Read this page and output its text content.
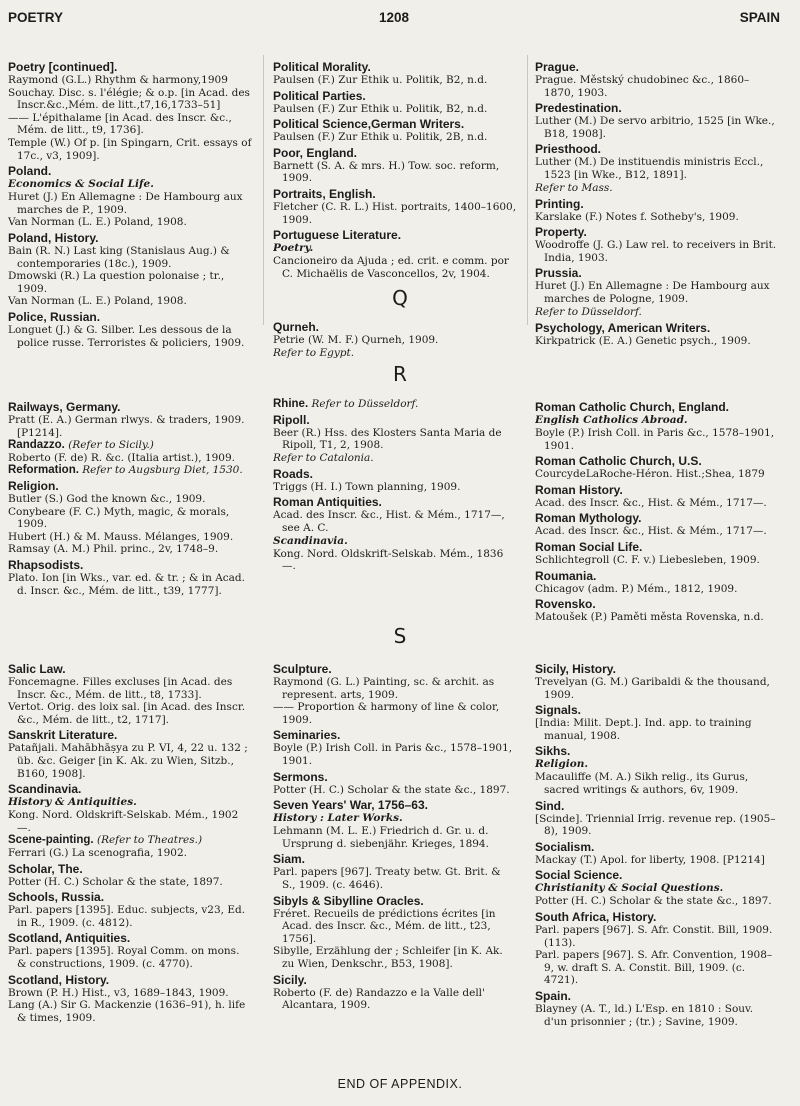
1208
POETRY	SPAIN
Poetry [continued].
Raymond (G.L.) Rhythm & harmony,1909
Souchay. Disc. s. l'élégie; & o.p. [in Acad. des Inscr.&c.,Mém. de litt.,t7,16,1733–51]
—— L'épithalame [in Acad. des Inscr. &c., Mém. de litt., t9, 1736].
Temple (W.) Of p. [in Spingarn, Crit. essays of 17c., v3, 1909].
Poland.
Economics & Social Life.
Huret (J.) En Allemagne : De Hambourg aux marches de P., 1909.
Van Norman (L. E.) Poland, 1908.
Poland, History.
Bain (R. N.) Last king (Stanislaus Aug.) & contemporaries (18c.), 1909.
Dmowski (R.) La question polonaise ; tr., 1909.
Van Norman (L. E.) Poland, 1908.
Police, Russian.
Longuet (J.) & G. Silber. Les dessous de la police russe. Terroristes & policiers, 1909.
Political Morality.
Paulsen (F.) Zur Ethik u. Politik, B2, n.d.
Political Parties.
Paulsen (F.) Zur Ethik u. Politik, B2, n.d.
Political Science,German Writers.
Paulsen (F.) Zur Ethik u. Politik, 2B, n.d.
Poor, England.
Barnett (S. A. & mrs. H.) Tow. soc. reform, 1909.
Portraits, English.
Fletcher (C. R. L.) Hist. portraits, 1400–1600, 1909.
Portuguese Literature.
Poetry.
Cancioneiro da Ajuda ; ed. crit. e comm. por C. Michaëlis de Vasconcellos, 2v, 1904.
Prague.
Prague. Městský chudobinec &c., 1860–1870, 1903.
Predestination.
Luther (M.) De servo arbitrio, 1525 [in Wke., B18, 1908].
Priesthood.
Luther (M.) De instituendis ministris Eccl., 1523 [in Wke., B12, 1891].
Refer to Mass.
Printing.
Karslake (F.) Notes f. Sotheby's, 1909.
Property.
Woodroffe (J. G.) Law rel. to receivers in Brit. India, 1903.
Prussia.
Huret (J.) En Allemagne : De Hambourg aux marches de Pologne, 1909.
Refer to Düsseldorf.
Psychology, American Writers.
Kirkpatrick (E. A.) Genetic psych., 1909.
Q
Qurneh.
Petrie (W. M. F.) Qurneh, 1909.
Refer to Egypt.
R
Railways, Germany.
Pratt (E. A.) German rlwys. & traders, 1909. [P1214].
Randazzo. (Refer to Sicily.)
Roberto (F. de) R. &c. (Italia artist.), 1909.
Reformation. Refer to Augsburg Diet, 1530.
Religion.
Butler (S.) God the known &c., 1909.
Conybeare (F. C.) Myth, magic, & morals, 1909.
Hubert (H.) & M. Mauss. Mélanges, 1909.
Ramsay (A. M.) Phil. princ., 2v, 1748–9.
Rhapsodists.
Plato. Ion [in Wks., var. ed. & tr. ; & in Acad. d. Inscr. &c., Mém. de litt., t39, 1777].
Rhine. Refer to Düsseldorf.
Ripoll.
Beer (R.) Hss. des Klosters Santa Maria de Ripoll, T1, 2, 1908.
Refer to Catalonia.
Roads.
Triggs (H. I.) Town planning, 1909.
Roman Antiquities.
Acad. des Inscr. &c., Hist. & Mém., 1717—, see A. C.
Scandinavia.
Kong. Nord. Oldskrift-Selskab. Mém., 1836—.
Roman Catholic Church, England.
English Catholics Abroad.
Boyle (P.) Irish Coll. in Paris &c., 1578–1901, 1901.
Roman Catholic Church, U.S.
CourcydeLaRoche-Héron. Hist.;Shea, 1879
Roman History.
Acad. des Inscr. &c., Hist. & Mém., 1717—.
Roman Mythology.
Acad. des Inscr. &c., Hist. & Mém., 1717—.
Roman Social Life.
Schlichtegroll (C. F. v.) Liebesleben, 1909.
Roumania.
Chicagov (adm. P.) Mém., 1812, 1909.
Rovensko.
Matoušek (P.) Paměti města Rovenska, n.d.
S
Salic Law.
Foncemagne. Filles excluses [in Acad. des Inscr. &c., Mém. de litt., t8, 1733].
Vertot. Orig. des loix sal. [in Acad. des Inscr. &c., Mém. de litt., t2, 1717].
Sanskrit Literature.
Patañjali. Mahābhāṣya zu P. VI, 4, 22 u. 132 ; üb. &c. Geiger [in K. Ak. zu Wien, Sitzb., B160, 1908].
Scandinavia.
History & Antiquities.
Kong. Nord. Oldskrift-Selskab. Mém., 1902—.
Scene-painting. (Refer to Theatres.)
Ferrari (G.) La scenografia, 1902.
Scholar, The.
Potter (H. C.) Scholar & the state, 1897.
Schools, Russia.
Parl. papers [1395]. Educ. subjects, v23, Ed. in R., 1909. (c. 4812).
Scotland, Antiquities.
Parl. papers [1395]. Royal Comm. on mons. & constructions, 1909. (c. 4770).
Scotland, History.
Brown (P. H.) Hist., v3, 1689–1843, 1909.
Lang (A.) Sir G. Mackenzie (1636–91), h. life & times, 1909.
Sculpture.
Raymond (G. L.) Painting, sc. & archit. as represent. arts, 1909.
—— Proportion & harmony of line & color, 1909.
Seminaries.
Boyle (P.) Irish Coll. in Paris &c., 1578–1901, 1901.
Sermons.
Potter (H. C.) Scholar & the state &c., 1897.
Seven Years' War, 1756–63.
History : Later Works.
Lehmann (M. L. E.) Friedrich d. Gr. u. d. Ursprung d. siebenjähr. Krieges, 1894.
Siam.
Parl. papers [967]. Treaty betw. Gt. Brit. & S., 1909. (c. 4646).
Sibyls & Sibylline Oracles.
Fréret. Recueils de prédictions écrites [in Acad. des Inscr. &c., Mém. de litt., t23, 1756].
Sibylle, Erzählung der ; Schleifer [in K. Ak. zu Wien, Denkschr., B53, 1908].
Sicily.
Roberto (F. de) Randazzo e la Valle dell' Alcantara, 1909.
Sicily, History.
Trevelyan (G. M.) Garibaldi & the thousand, 1909.
Signals.
[India: Milit. Dept.]. Ind. app. to training manual, 1908.
Sikhs.
Religion.
Macauliffe (M. A.) Sikh relig., its Gurus, sacred writings & authors, 6v, 1909.
Sind.
[Scinde]. Triennial Irrig. revenue rep. (1905–8), 1909.
Socialism.
Mackay (T.) Apol. for liberty, 1908. [P1214]
Social Science.
Christianity & Social Questions.
Potter (H. C.) Scholar & the state &c., 1897.
South Africa, History.
Parl. papers [967]. S. Afr. Constit. Bill, 1909. (113).
Parl. papers [967]. S. Afr. Convention, 1908–9, w. draft S. A. Constit. Bill, 1909. (c. 4721).
Spain.
Blayney (A. T., ld.) L'Esp. en 1810 : Souv. d'un prisonnier ; (tr.) ; Savine, 1909.
END OF APPENDIX.
